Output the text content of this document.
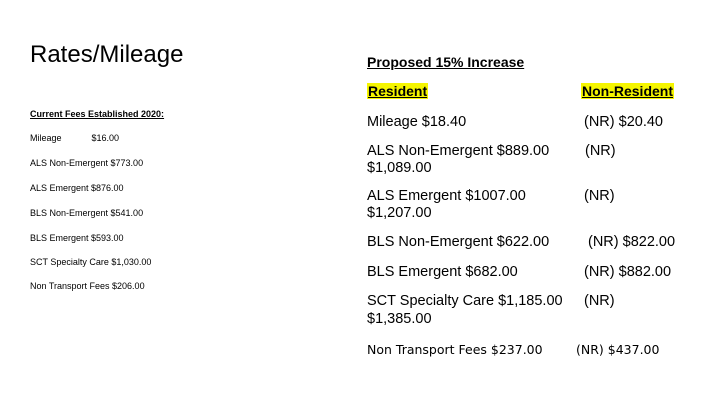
Rates/Mileage
Current Fees Established 2020:
Mileage	$16.00
ALS Non-Emergent $773.00
ALS Emergent $876.00
BLS Non-Emergent $541.00
BLS Emergent $593.00
SCT Specialty Care $1,030.00
Non Transport Fees $206.00
Proposed 15% Increase
Resident	Non-Resident
Mileage $18.40	(NR) $20.40
ALS Non-Emergent $889.00 (NR)
$1,089.00
ALS Emergent $1007.00	(NR)
$1,207.00
BLS Non-Emergent $622.00	(NR) $822.00
BLS Emergent $682.00	(NR) $882.00
SCT Specialty Care $1,185.00 (NR)
$1,385.00
Non Transport Fees $237.00	(NR) $437.00
